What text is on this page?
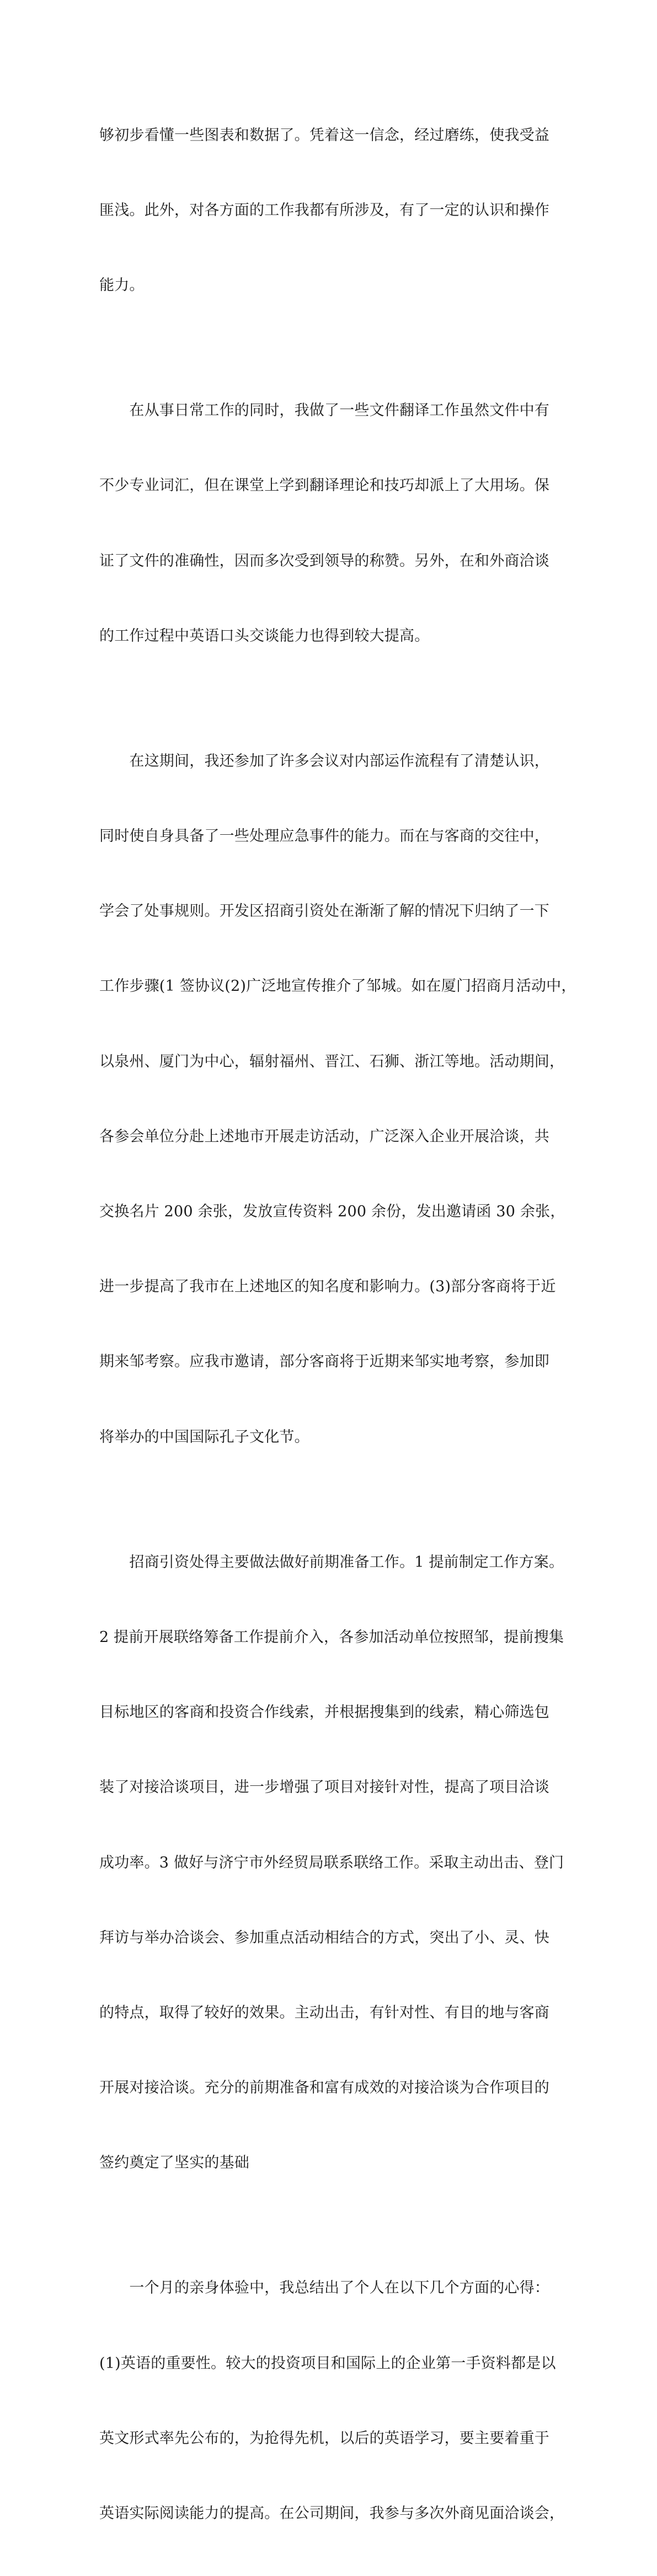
够初步看懂一些图表和数据了。凭着这一信念，经过磨练，使我受益

匪浅。此外，对各方面的工作我都有所涉及，有了一定的认识和操作

能力。

　　在从事日常工作的同时，我做了一些文件翻译工作虽然文件中有

不少专业词汇，但在课堂上学到翻译理论和技巧却派上了大用场。保

证了文件的准确性，因而多次受到领导的称赞。另外，在和外商洽谈

的工作过程中英语口头交谈能力也得到较大提高。

　　在这期间，我还参加了许多会议对内部运作流程有了清楚认识，

同时使自身具备了一些处理应急事件的能力。而在与客商的交往中，

学会了处事规则。开发区招商引资处在渐渐了解的情况下归纳了一下

工作步骤(1 签协议(2)广泛地宣传推介了邹城。如在厦门招商月活动中，

以泉州、厦门为中心，辐射福州、晋江、石狮、浙江等地。活动期间，

各参会单位分赴上述地市开展走访活动，广泛深入企业开展洽谈，共

交换名片 200 余张，发放宣传资料 200 余份，发出邀请函 30 余张，

进一步提高了我市在上述地区的知名度和影响力。(3)部分客商将于近

期来邹考察。应我市邀请，部分客商将于近期来邹实地考察，参加即

将举办的中国国际孔子文化节。

　　招商引资处得主要做法做好前期准备工作。1 提前制定工作方案。

2 提前开展联络筹备工作提前介入，各参加活动单位按照邹，提前搜集

目标地区的客商和投资合作线索，并根据搜集到的线索，精心筛选包

装了对接洽谈项目，进一步增强了项目对接针对性，提高了项目洽谈

成功率。3 做好与济宁市外经贸局联系联络工作。采取主动出击、登门

拜访与举办洽谈会、参加重点活动相结合的方式，突出了小、灵、快

的特点，取得了较好的效果。主动出击，有针对性、有目的地与客商

开展对接洽谈。充分的前期准备和富有成效的对接洽谈为合作项目的

签约奠定了坚实的基础

　　一个月的亲身体验中，我总结出了个人在以下几个方面的心得：

(1)英语的重要性。较大的投资项目和国际上的企业第一手资料都是以

英文形式率先公布的，为抢得先机，以后的英语学习，要主要着重于

英语实际阅读能力的提高。在公司期间，我参与多次外商见面洽谈会，
